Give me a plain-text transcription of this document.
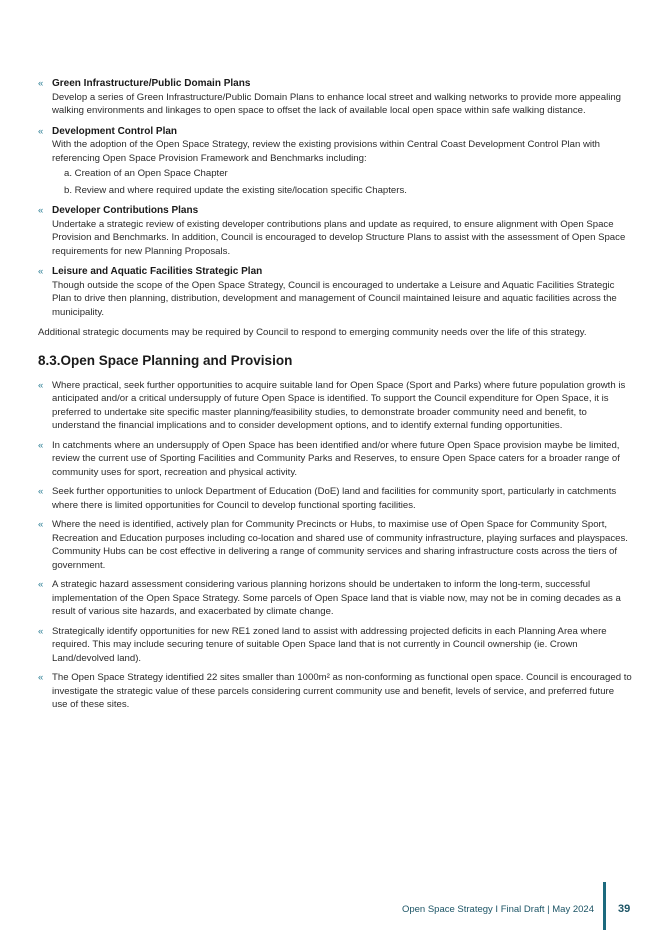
« Green Infrastructure/Public Domain Plans
Develop a series of Green Infrastructure/Public Domain Plans to enhance local street and walking networks to provide more appealing walking environments and linkages to open space to offset the lack of available local open space within safe walking distance.
« Development Control Plan
With the adoption of the Open Space Strategy, review the existing provisions within Central Coast Development Control Plan with referencing Open Space Provision Framework and Benchmarks including:
a. Creation of an Open Space Chapter
b. Review and where required update the existing site/location specific Chapters.
« Developer Contributions Plans
Undertake a strategic review of existing developer contributions plans and update as required, to ensure alignment with Open Space Provision and Benchmarks. In addition, Council is encouraged to develop Structure Plans to assist with the assessment of Open Space requirements for new Planning Proposals.
« Leisure and Aquatic Facilities Strategic Plan
Though outside the scope of the Open Space Strategy, Council is encouraged to undertake a Leisure and Aquatic Facilities Strategic Plan to drive then planning, distribution, development and management of Council maintained leisure and aquatic facilities across the municipality.

Additional strategic documents may be required by Council to respond to emerging community needs over the life of this strategy.

8.3.Open Space Planning and Provision
« Where practical, seek further opportunities to acquire suitable land for Open Space (Sport and Parks) where future population growth is anticipated and/or a critical undersupply of future Open Space is identified. To support the Council expenditure for Open Space, it is preferred to undertake site specific master planning/feasibility studies, to demonstrate broader community need and benefit, to understand the financial implications and to consider development options, and to identify external funding opportunities.
« In catchments where an undersupply of Open Space has been identified and/or where future Open Space provision maybe be limited, review the current use of Sporting Facilities and Community Parks and Reserves, to ensure Open Space caters for a broader range of community uses for sport, recreation and physical activity.
« Seek further opportunities to unlock Department of Education (DoE) land and facilities for community sport, particularly in catchments where there is limited opportunities for Council to develop functional sporting facilities.
« Where the need is identified, actively plan for Community Precincts or Hubs, to maximise use of Open Space for Community Sport, Recreation and Education purposes including co-location and shared use of community infrastructure, playing surfaces and playspaces. Community Hubs can be cost effective in delivering a range of community services and sharing infrastructure costs across the tiers of government.
« A strategic hazard assessment considering various planning horizons should be undertaken to inform the long-term, successful implementation of the Open Space Strategy. Some parcels of Open Space land that is viable now, may not be in coming decades as a result of various site hazards, and exacerbated by climate change.
« Strategically identify opportunities for new RE1 zoned land to assist with addressing projected deficits in each Planning Area where required. This may include securing tenure of suitable Open Space land that is not currently in Council ownership (ie. Crown Land/devolved land).
« The Open Space Strategy identified 22 sites smaller than 1000m² as non-conforming as functional open space. Council is encouraged to investigate the strategic value of these parcels considering current community use and benefit, levels of service, and preferred future use of these sites.
Open Space Strategy I Final Draft | May 2024 39
